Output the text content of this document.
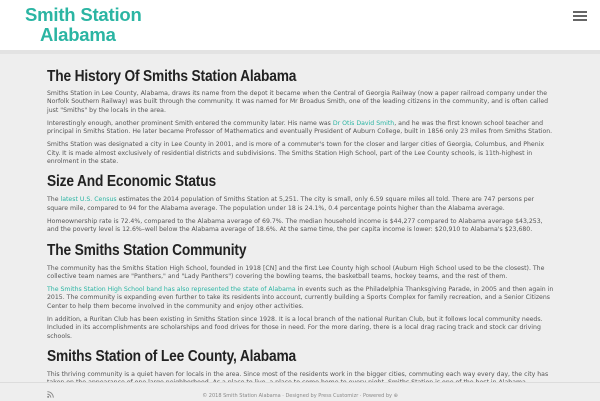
Smith Station
Alabama
The History Of Smiths Station Alabama

Smiths Station in Lee County, Alabama, draws its name from the depot it became when the Central of Georgia Railway (now a paper railroad company under the Norfolk Southern Railway) was built through the community. It was named for Mr Broadus Smith, one of the leading citizens in the community, and is often called just "Smiths" by the locals in the area.

Interestingly enough, another prominent Smith entered the community later. His name was Dr Otis David Smith, and he was the first known school teacher and principal in Smiths Station. He later became Professor of Mathematics and eventually President of Auburn College, built in 1856 only 23 miles from Smiths Station.

Smiths Station was designated a city in Lee County in 2001, and is more of a commuter's town for the closer and larger cities of Georgia, Columbus, and Phenix City. It is made almost exclusively of residential districts and subdivisions. The Smiths Station High School, part of the Lee County schools, is 11th-highest in enrolment in the state.

Size And Economic Status

The latest U.S. Census estimates the 2014 population of Smiths Station at 5,251. The city is small, only 6.59 square miles all told. There are 747 persons per square mile, compared to 94 for the Alabama average. The population under 18 is 24.1%, 0.4 percentage points higher than the Alabama average.

Homeownership rate is 72.4%, compared to the Alabama average of 69.7%. The median household income is $44,277 compared to Alabama average $43,253, and the poverty level is 12.6%–well below the Alabama average of 18.6%. At the same time, the per capita income is lower: $20,910 to Alabama's $23,680.

The Smiths Station Community

The community has the Smiths Station High School, founded in 1918 [CN] and the first Lee County high school (Auburn High School used to be the closest). The collective team names are "Panthers," and "Lady Panthers") covering the bowling teams, the basketball teams, hockey teams, and the rest of them.

The Smiths Station High School band has also represented the state of Alabama in events such as the Philadelphia Thanksgiving Parade, in 2005 and then again in 2015. The community is expanding even further to take its residents into account, currently building a Sports Complex for family recreation, and a Senior Citizens Center to help them become involved in the community and enjoy other activities.

In addition, a Ruritan Club has been existing in Smiths Station since 1928. It is a local branch of the national Ruritan Club, but it follows local community needs. Included in its accomplishments are scholarships and food drives for those in need. For the more daring, there is a local drag racing track and stock car driving schools.

Smiths Station of Lee County, Alabama

This thriving community is a quiet haven for locals in the area. Since most of the residents work in the bigger cities, commuting each way every day, the city has

© 2018 Smith Station Alabama · Designed by Press Customizr · Powered by ⊕
